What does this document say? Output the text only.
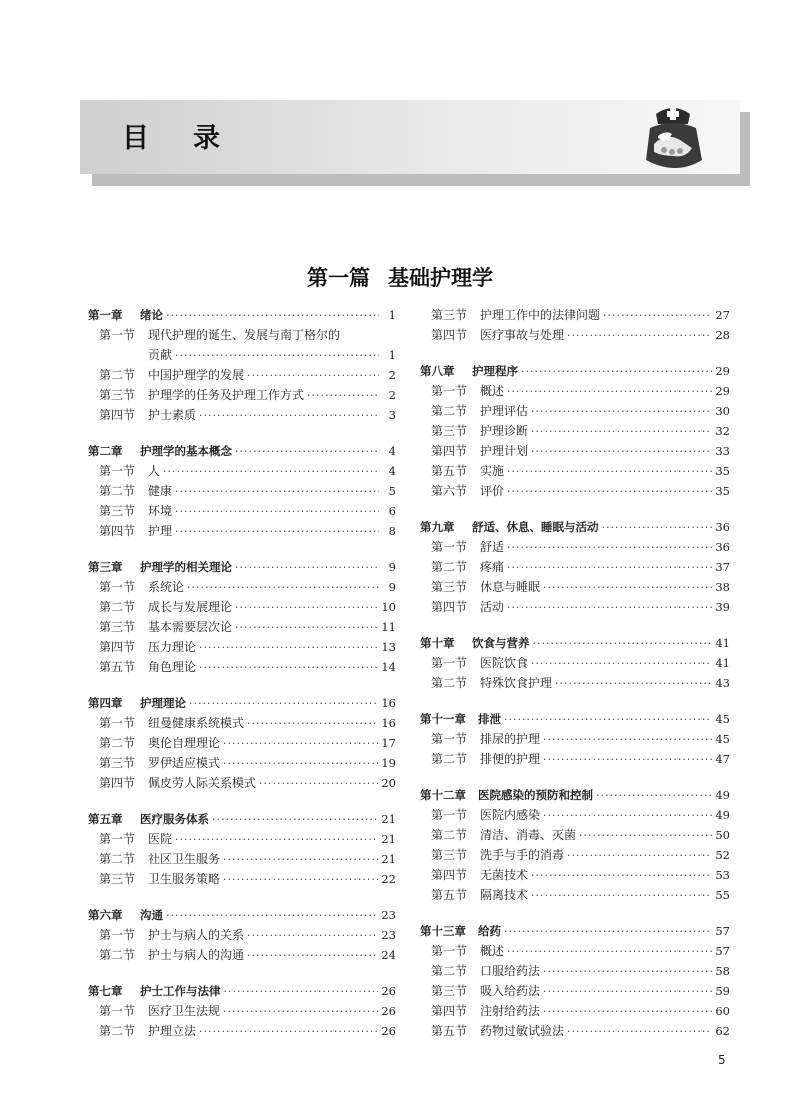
目录
第一篇 基础护理学
第一章	绪论 ·····	1
第一节	现代护理的诞生、发展与南丁格尔的
贡献 ·····	1
第二节	中国护理学的发展 ·····	2
第三节	护理学的任务及护理工作方式 ·····	2
第四节	护士素质 ·····	3
第二章	护理学的基本概念 ·····	4
第一节	人 ·····	4
第二节	健康 ·····	5
第三节	环境 ·····	6
第四节	护理 ·····	8
第三章	护理学的相关理论 ·····	9
第一节	系统论 ·····	9
第二节	成长与发展理论 ·····	10
第三节	基本需要层次论 ·····	11
第四节	压力理论 ·····	13
第五节	角色理论 ·····	14
第四章	护理理论 ·····	16
第一节	纽曼健康系统模式 ·····	16
第二节	奥伦自理理论 ·····	17
第三节	罗伊适应模式 ·····	19
第四节	佩皮劳人际关系模式 ·····	20
第五章	医疗服务体系 ·····	21
第一节	医院 ·····	21
第二节	社区卫生服务 ·····	21
第三节	卫生服务策略 ·····	22
第六章	沟通 ·····	23
第一节	护士与病人的关系 ·····	23
第二节	护士与病人的沟通 ·····	24
第七章	护士工作与法律 ·····	26
第一节	医疗卫生法规 ·····	26
第二节	护理立法 ·····	26
第三节	护理工作中的法律问题 ·····	27
第四节	医疗事故与处理 ·····	28
第八章	护理程序 ·····	29
第一节	概述 ·····	29
第二节	护理评估 ·····	30
第三节	护理诊断 ·····	32
第四节	护理计划 ·····	33
第五节	实施 ·····	35
第六节	评价 ·····	35
第九章	舒适、休息、睡眠与活动 ·····	36
第一节	舒适 ·····	36
第二节	疼痛 ·····	37
第三节	休息与睡眠 ·····	38
第四节	活动 ·····	39
第十章	饮食与营养 ·····	41
第一节	医院饮食 ·····	41
第二节	特殊饮食护理 ·····	43
第十一章	排泄 ·····	45
第一节	排尿的护理 ·····	45
第二节	排便的护理 ·····	47
第十二章	医院感染的预防和控制 ·····	49
第一节	医院内感染 ·····	49
第二节	清洁、消毒、灭菌 ·····	50
第三节	洗手与手的消毒 ·····	52
第四节	无菌技术 ·····	53
第五节	隔离技术 ·····	55
第十三章	给药 ·····	57
第一节	概述 ·····	57
第二节	口服给药法 ·····	58
第三节	吸入给药法 ·····	59
第四节	注射给药法 ·····	60
第五节	药物过敏试验法 ·····	62
5
